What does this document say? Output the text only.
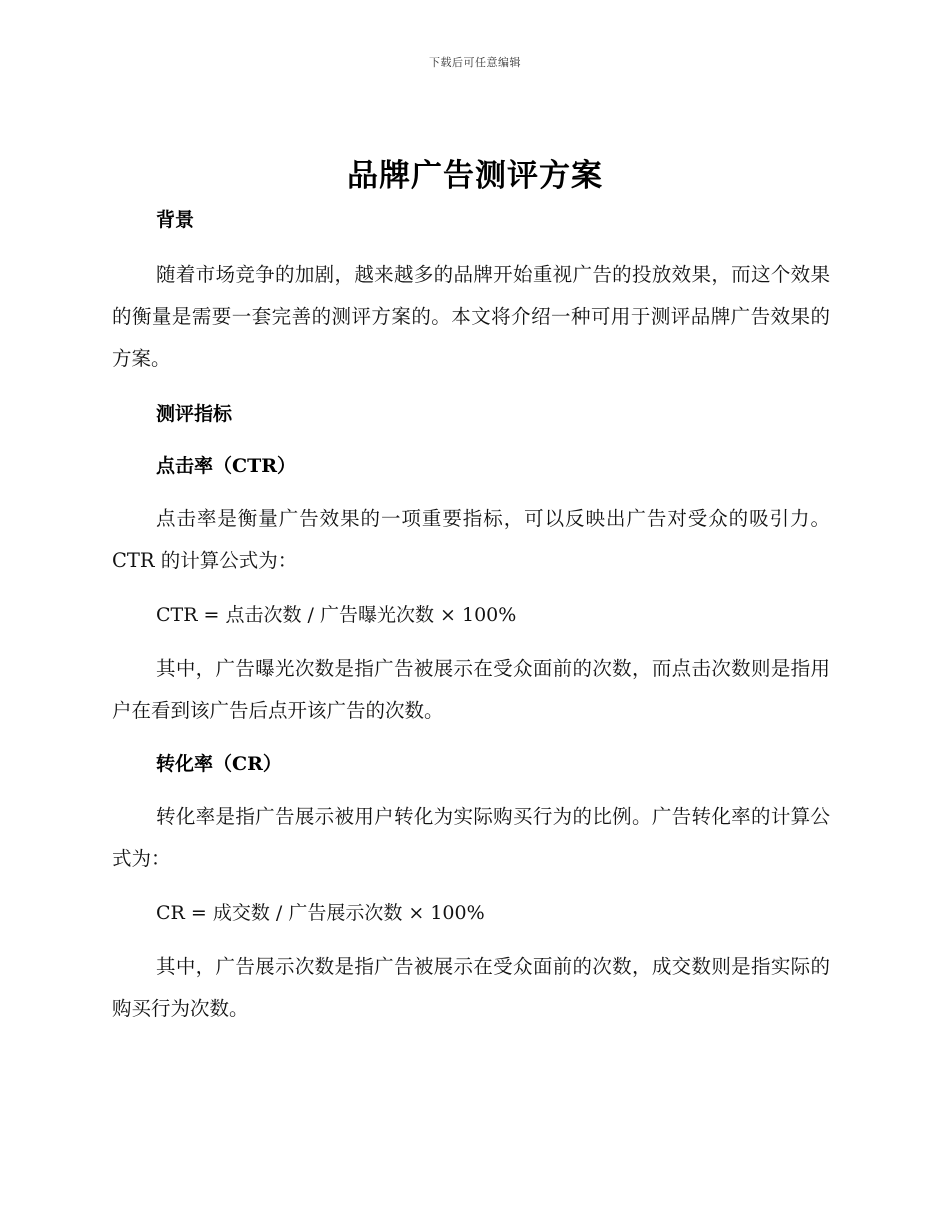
下载后可任意编辑
品牌广告测评方案

背景

随着市场竞争的加剧，越来越多的品牌开始重视广告的投放效果，而这个效果的衡量是需要一套完善的测评方案的。本文将介绍一种可用于测评品牌广告效果的方案。

测评指标

点击率（CTR）

点击率是衡量广告效果的一项重要指标，可以反映出广告对受众的吸引力。CTR 的计算公式为：

CTR = 点击次数 / 广告曝光次数 × 100%

其中，广告曝光次数是指广告被展示在受众面前的次数，而点击次数则是指用户在看到该广告后点开该广告的次数。

转化率（CR）

转化率是指广告展示被用户转化为实际购买行为的比例。广告转化率的计算公式为：

CR = 成交数 / 广告展示次数 × 100%

其中，广告展示次数是指广告被展示在受众面前的次数，成交数则是指实际的购买行为次数。
